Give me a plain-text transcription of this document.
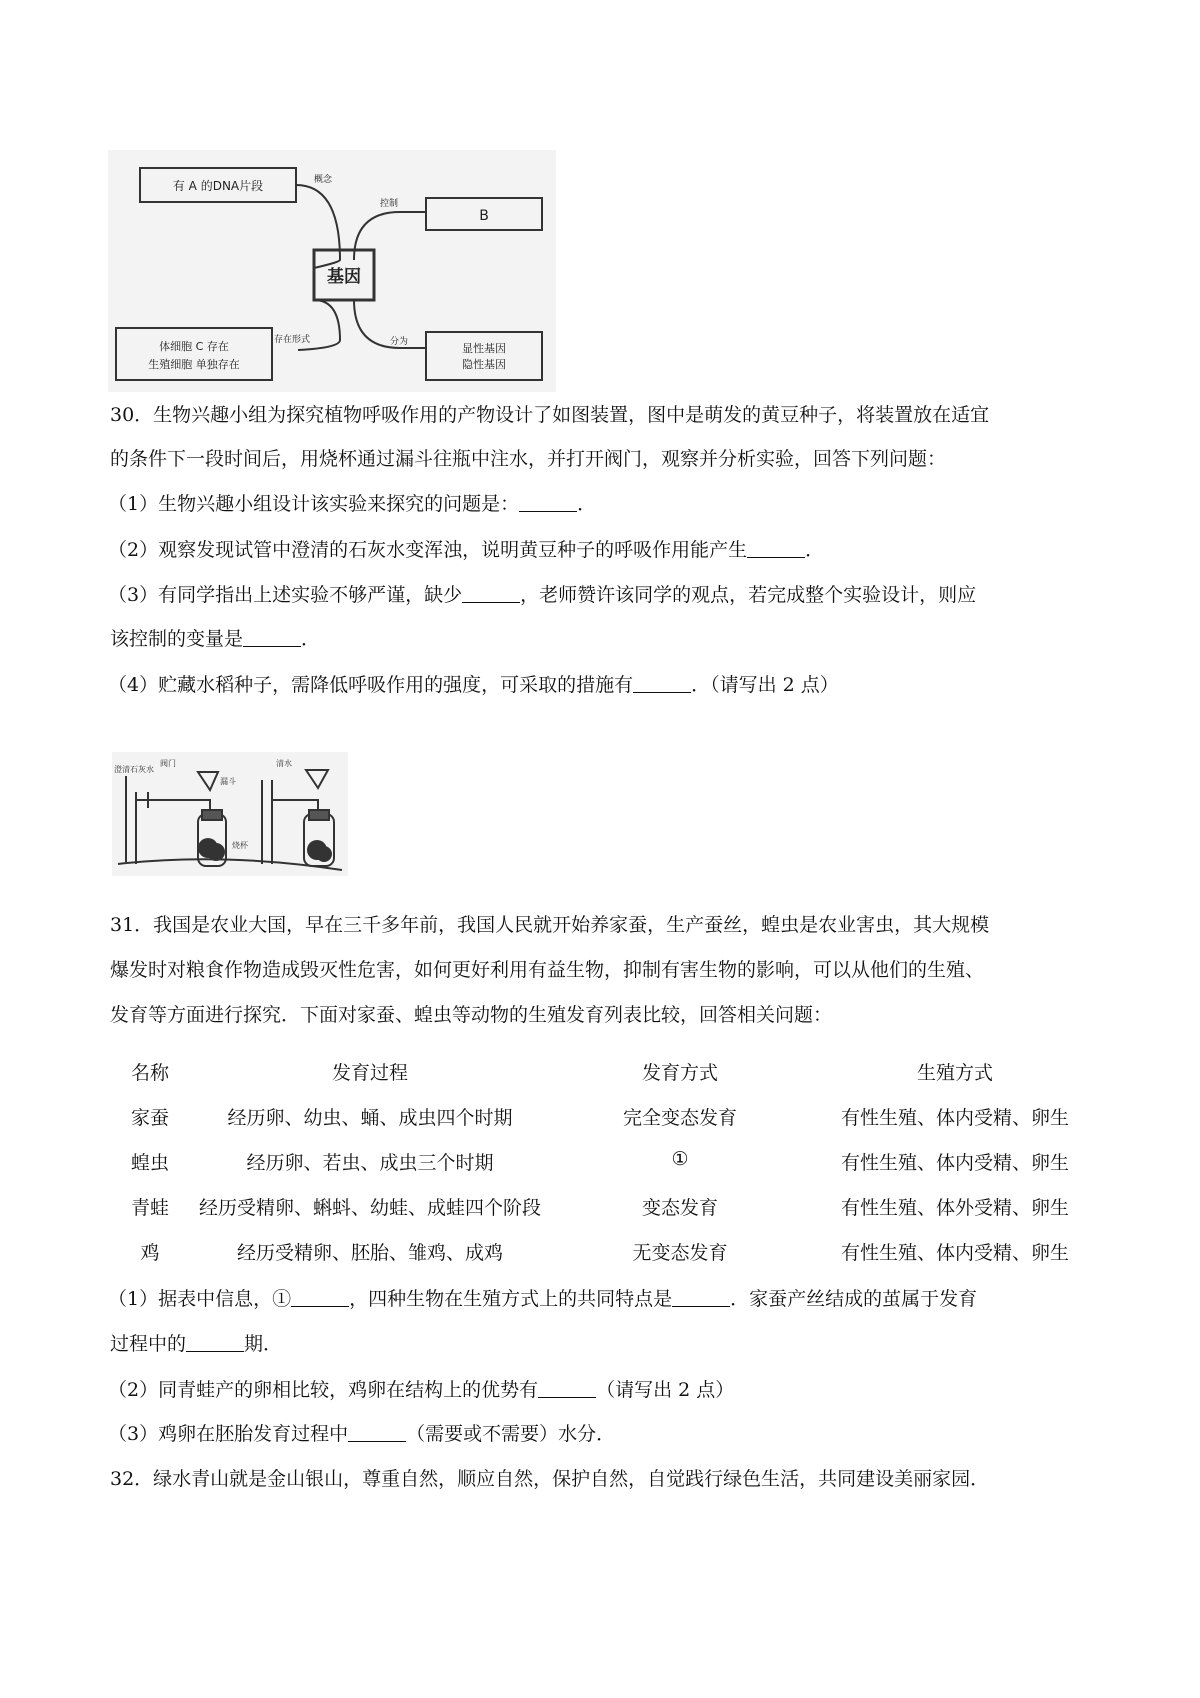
基因
有 A 的DNA片段	概念
B
控制
体细胞 C 存在
生殖细胞 单独存在
存在形式
显性基因
隐性基因
分为
30．生物兴趣小组为探究植物呼吸作用的产物设计了如图装置，图中是萌发的黄豆种子，将装置放在适宜
的条件下一段时间后，用烧杯通过漏斗往瓶中注水，并打开阀门，观察并分析实验，回答下列问题：
（1）生物兴趣小组设计该实验来探究的问题是：	．
（2）观察发现试管中澄清的石灰水变浑浊，说明黄豆种子的呼吸作用能产生	．
（3）有同学指出上述实验不够严谨，缺少	，老师赞许该同学的观点，若完成整个实验设计，则应
该控制的变量是	．
（4）贮藏水稻种子，需降低呼吸作用的强度，可采取的措施有	．（请写出 2 点）
澄清石灰水
阀门
漏斗
清水
烧杯
31．我国是农业大国，早在三千多年前，我国人民就开始养家蚕，生产蚕丝，蝗虫是农业害虫，其大规模
爆发时对粮食作物造成毁灭性危害，如何更好利用有益生物，抑制有害生物的影响，可以从他们的生殖、
发育等方面进行探究．下面对家蚕、蝗虫等动物的生殖发育列表比较，回答相关问题：
名称	发育过程	发育方式	生殖方式
家蚕	经历卵、幼虫、蛹、成虫四个时期	完全变态发育	有性生殖、体内受精、卵生
蝗虫	经历卵、若虫、成虫三个时期	①	有性生殖、体内受精、卵生
青蛙	经历受精卵、蝌蚪、幼蛙、成蛙四个阶段	变态发育	有性生殖、体外受精、卵生
鸡	经历受精卵、胚胎、雏鸡、成鸡	无变态发育	有性生殖、体内受精、卵生
（1）据表中信息，①	，四种生物在生殖方式上的共同特点是	．家蚕产丝结成的茧属于发育
过程中的	期．
（2）同青蛙产的卵相比较，鸡卵在结构上的优势有	（请写出 2 点）
（3）鸡卵在胚胎发育过程中	（需要或不需要）水分．
32．绿水青山就是金山银山，尊重自然，顺应自然，保护自然，自觉践行绿色生活，共同建设美丽家园．
